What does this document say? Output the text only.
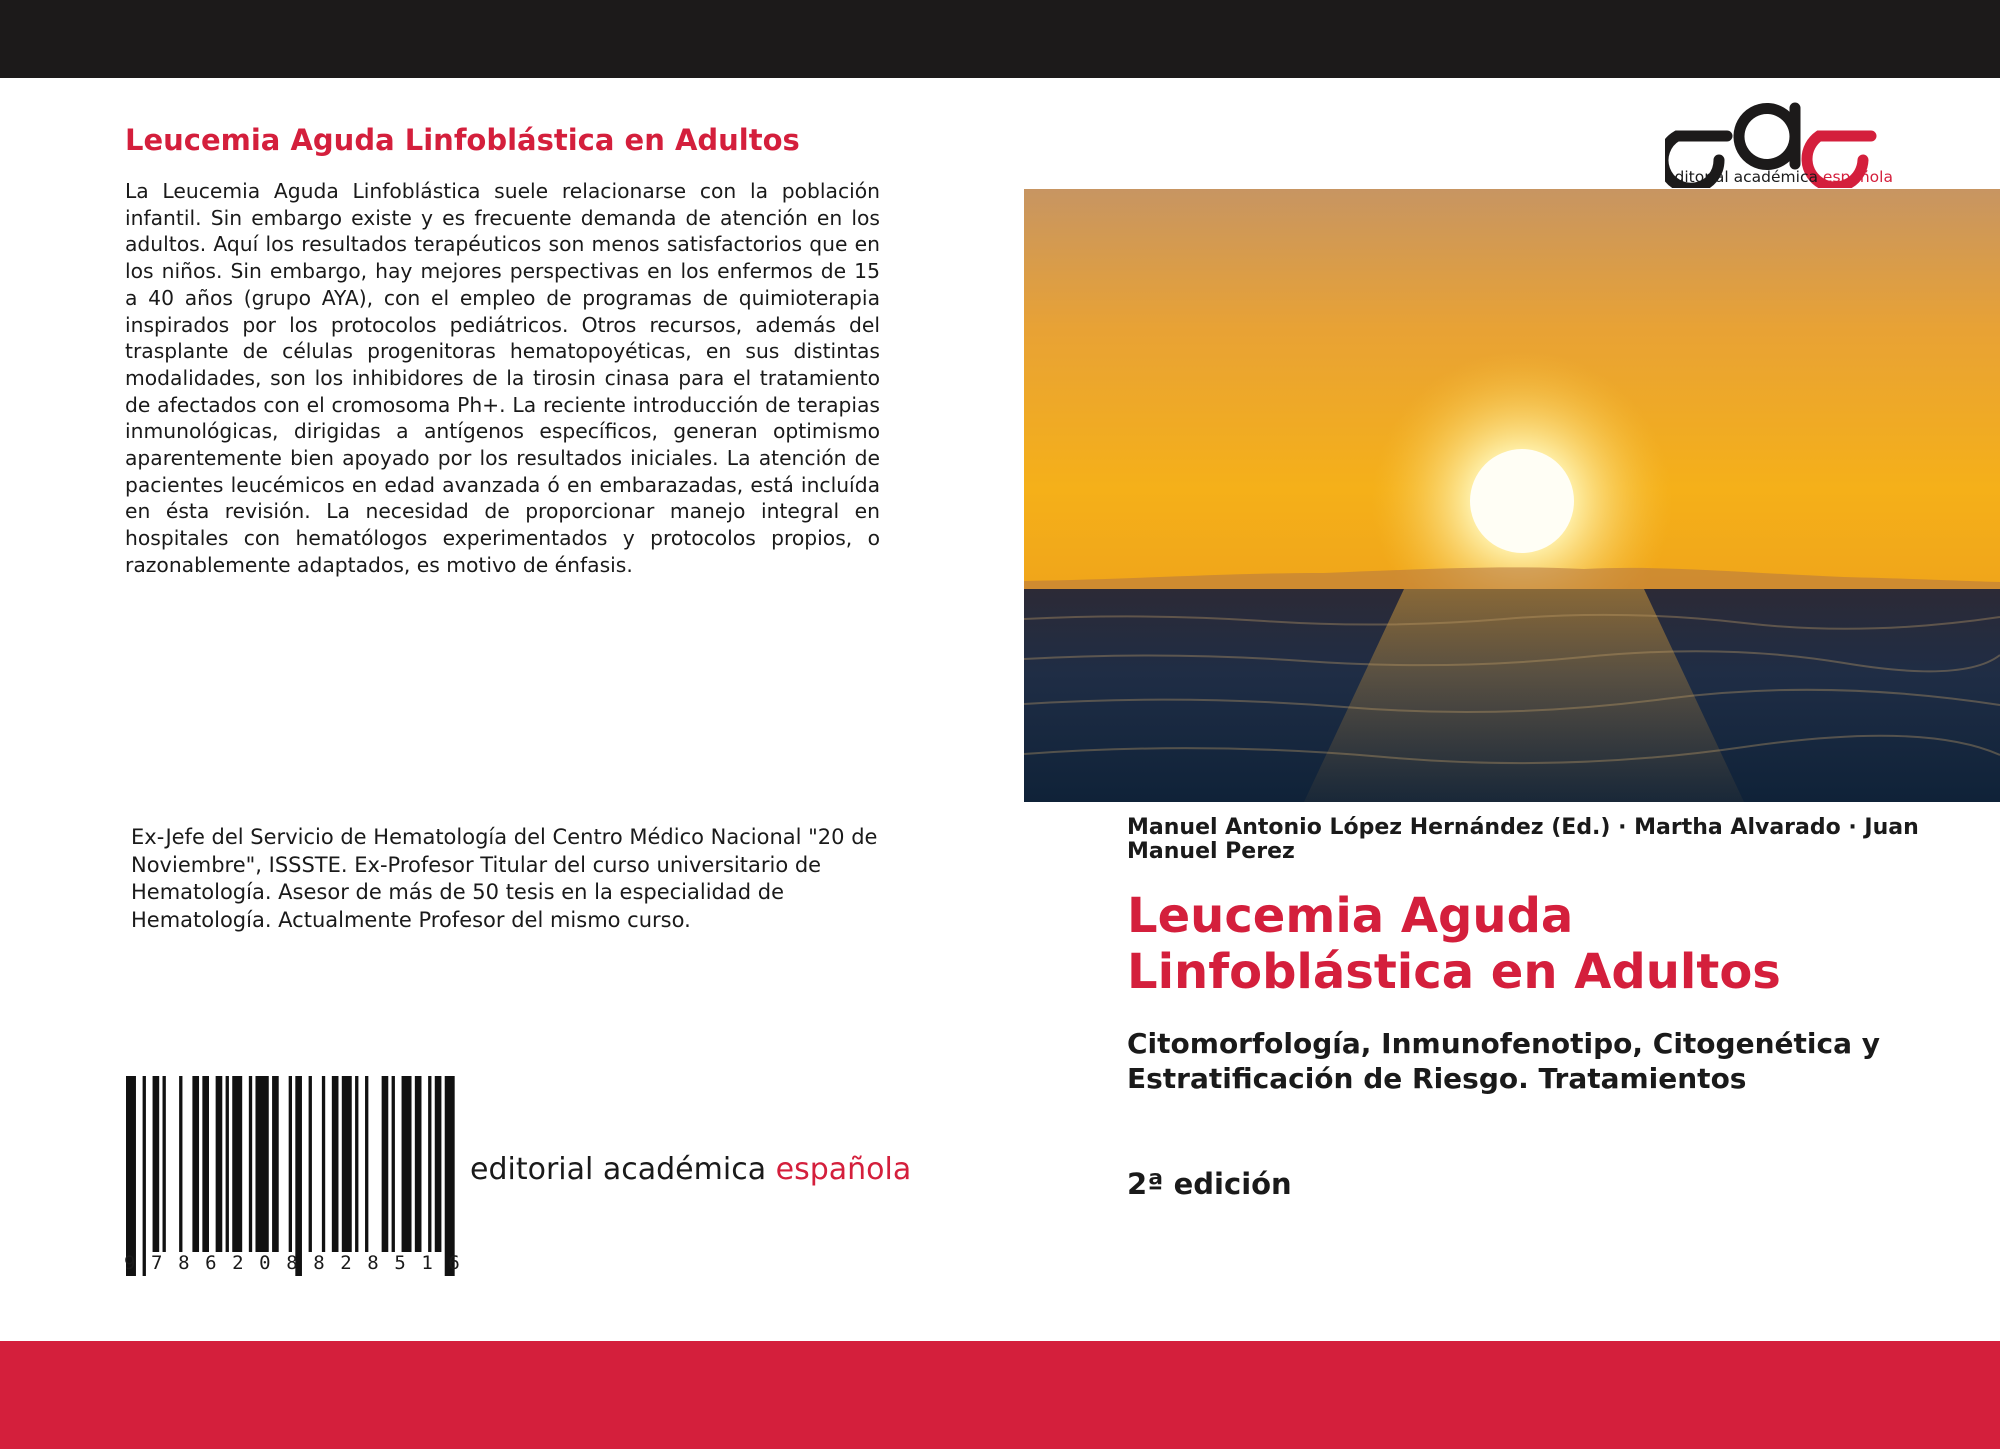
Leucemia Aguda Linfoblástica en Adultos

La Leucemia Aguda Linfoblástica suele relacionarse con la población infantil. Sin embargo existe y es frecuente demanda de atención en los adultos. Aquí los resultados terapéuticos son menos satisfactorios que en los niños. Sin embargo, hay mejores perspectivas en los enfermos de 15 a 40 años (grupo AYA), con el empleo de programas de quimioterapia inspirados por los protocolos pediátricos. Otros recursos, además del trasplante de células progenitoras hematopoyéticas, en sus distintas modalidades, son los inhibidores de la tirosin cinasa para el tratamiento de afectados con el cromosoma Ph+. La reciente introducción de terapias inmunológicas, dirigidas a antígenos específicos, generan optimismo aparentemente bien apoyado por los resultados iniciales. La atención de pacientes leucémicos en edad avanzada ó en embarazadas, está incluída en ésta revisión. La necesidad de proporcionar manejo integral en hospitales con hematólogos experimentados y protocolos propios, o razonablemente adaptados, es motivo de énfasis.

Ex-Jefe del Servicio de Hematología del Centro Médico Nacional "20 de Noviembre", ISSSTE. Ex-Profesor Titular del curso universitario de Hematología. Asesor de más de 50 tesis en la especialidad de Hematología. Actualmente Profesor del mismo curso.

9 7 8 6 2 0 8 8 2 8 5 1 6

editorial académica española

editorial académica española

Manuel Antonio López Hernández (Ed.) · Martha Alvarado · Juan Manuel Perez

Leucemia Aguda Linfoblástica en Adultos

Citomorfología, Inmunofenotipo, Citogenética y Estratificación de Riesgo. Tratamientos

2ª edición
